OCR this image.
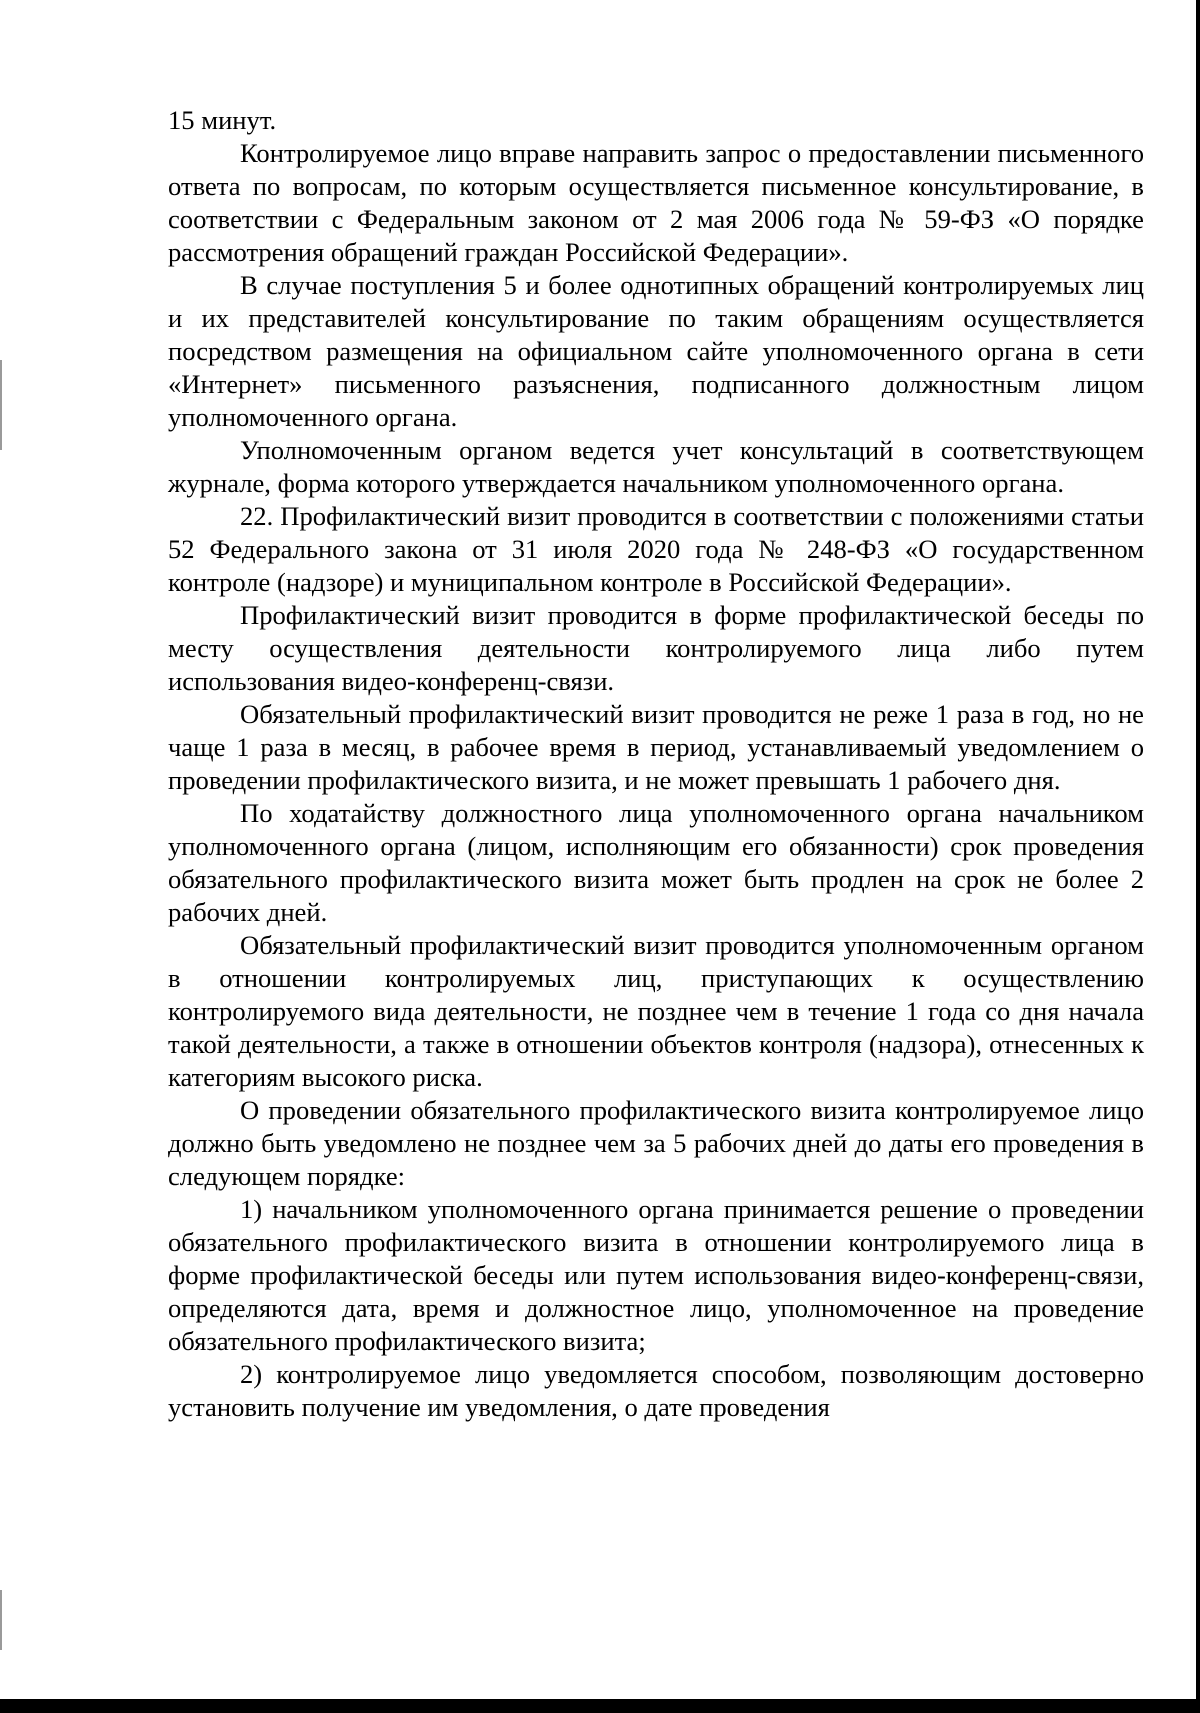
15 минут.

Контролируемое лицо вправе направить запрос о предоставлении письменного ответа по вопросам, по которым осуществляется письменное консультирование, в соответствии с Федеральным законом от 2 мая 2006 года № 59-ФЗ «О порядке рассмотрения обращений граждан Российской Федерации».

В случае поступления 5 и более однотипных обращений контролируемых лиц и их представителей консультирование по таким обращениям осуществляется посредством размещения на официальном сайте уполномоченного органа в сети «Интернет» письменного разъяснения, подписанного должностным лицом уполномоченного органа.

Уполномоченным органом ведется учет консультаций в соответствующем журнале, форма которого утверждается начальником уполномоченного органа.

22. Профилактический визит проводится в соответствии с положениями статьи 52 Федерального закона от 31 июля 2020 года № 248-ФЗ «О государственном контроле (надзоре) и муниципальном контроле в Российской Федерации».

Профилактический визит проводится в форме профилактической беседы по месту осуществления деятельности контролируемого лица либо путем использования видео-конференц-связи.

Обязательный профилактический визит проводится не реже 1 раза в год, но не чаще 1 раза в месяц, в рабочее время в период, устанавливаемый уведомлением о проведении профилактического визита, и не может превышать 1 рабочего дня.

По ходатайству должностного лица уполномоченного органа начальником уполномоченного органа (лицом, исполняющим его обязанности) срок проведения обязательного профилактического визита может быть продлен на срок не более 2 рабочих дней.

Обязательный профилактический визит проводится уполномоченным органом в отношении контролируемых лиц, приступающих к осуществлению контролируемого вида деятельности, не позднее чем в течение 1 года со дня начала такой деятельности, а также в отношении объектов контроля (надзора), отнесенных к категориям высокого риска.

О проведении обязательного профилактического визита контролируемое лицо должно быть уведомлено не позднее чем за 5 рабочих дней до даты его проведения в следующем порядке:

1) начальником уполномоченного органа принимается решение о проведении обязательного профилактического визита в отношении контролируемого лица в форме профилактической беседы или путем использования видео-конференц-связи, определяются дата, время и должностное лицо, уполномоченное на проведение обязательного профилактического визита;

2) контролируемое лицо уведомляется способом, позволяющим достоверно установить получение им уведомления, о дате проведения
